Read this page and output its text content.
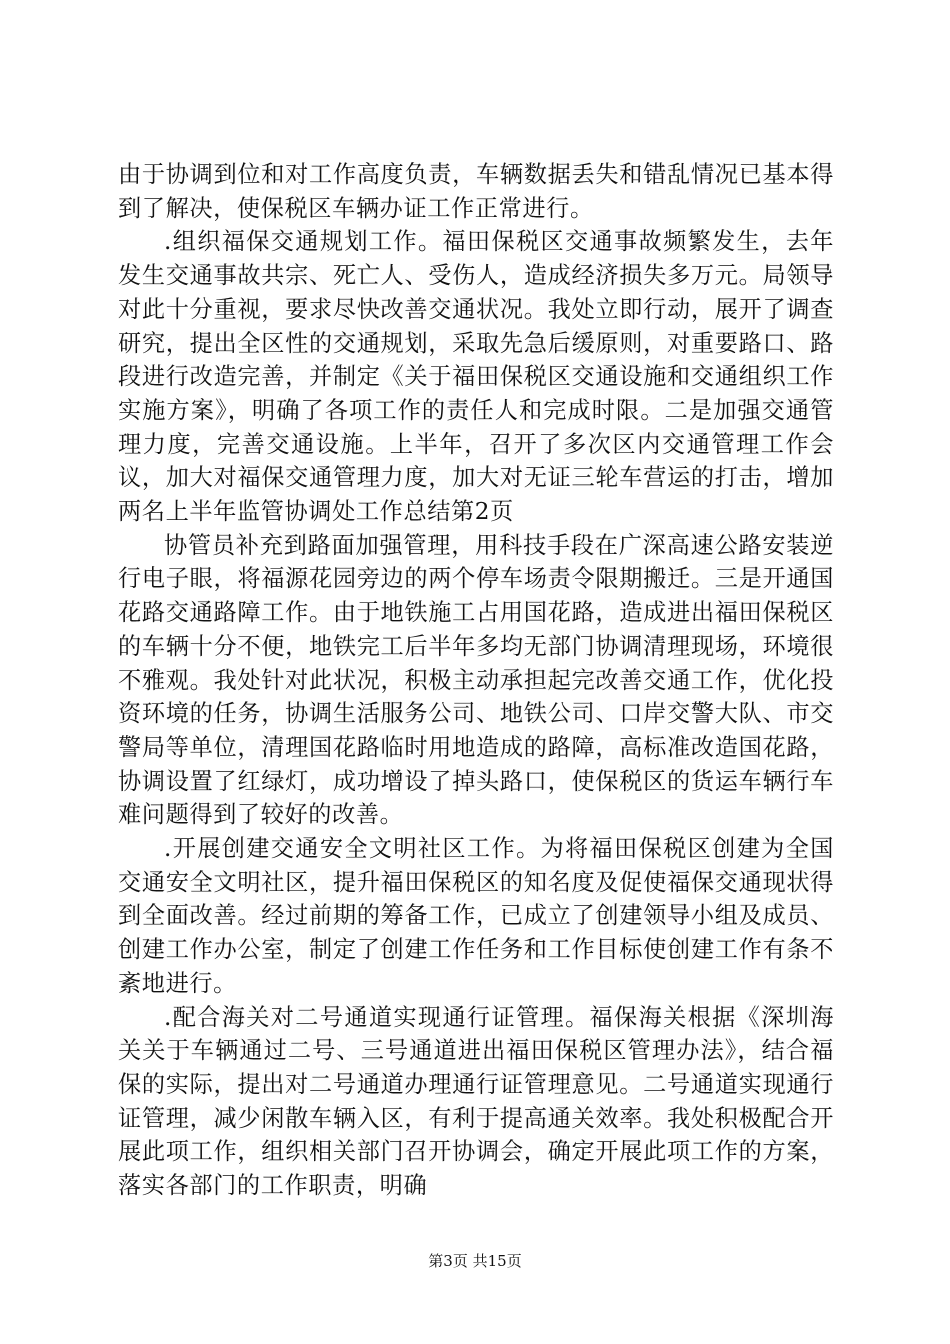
由于协调到位和对工作高度负责，车辆数据丢失和错乱情况已基本得到了解决，使保税区车辆办证工作正常进行。

.组织福保交通规划工作。福田保税区交通事故频繁发生，去年发生交通事故共宗、死亡人、受伤人，造成经济损失多万元。局领导对此十分重视，要求尽快改善交通状况。我处立即行动，展开了调查研究，提出全区性的交通规划，采取先急后缓原则，对重要路口、路段进行改造完善，并制定《关于福田保税区交通设施和交通组织工作实施方案》，明确了各项工作的责任人和完成时限。二是加强交通管理力度，完善交通设施。上半年，召开了多次区内交通管理工作会议，加大对福保交通管理力度，加大对无证三轮车营运的打击，增加两名上半年监管协调处工作总结第2页

协管员补充到路面加强管理，用科技手段在广深高速公路安装逆行电子眼，将福源花园旁边的两个停车场责令限期搬迁。三是开通国花路交通路障工作。由于地铁施工占用国花路，造成进出福田保税区的车辆十分不便，地铁完工后半年多均无部门协调清理现场，环境很不雅观。我处针对此状况，积极主动承担起完改善交通工作，优化投资环境的任务，协调生活服务公司、地铁公司、口岸交警大队、市交警局等单位，清理国花路临时用地造成的路障，高标准改造国花路，协调设置了红绿灯，成功增设了掉头路口，使保税区的货运车辆行车难问题得到了较好的改善。

.开展创建交通安全文明社区工作。为将福田保税区创建为全国交通安全文明社区，提升福田保税区的知名度及促使福保交通现状得到全面改善。经过前期的筹备工作，已成立了创建领导小组及成员、创建工作办公室，制定了创建工作任务和工作目标使创建工作有条不紊地进行。

.配合海关对二号通道实现通行证管理。福保海关根据《深圳海关关于车辆通过二号、三号通道进出福田保税区管理办法》，结合福保的实际，提出对二号通道办理通行证管理意见。二号通道实现通行证管理，减少闲散车辆入区，有利于提高通关效率。我处积极配合开展此项工作，组织相关部门召开协调会，确定开展此项工作的方案，落实各部门的工作职责，明确

第3页 共15页
